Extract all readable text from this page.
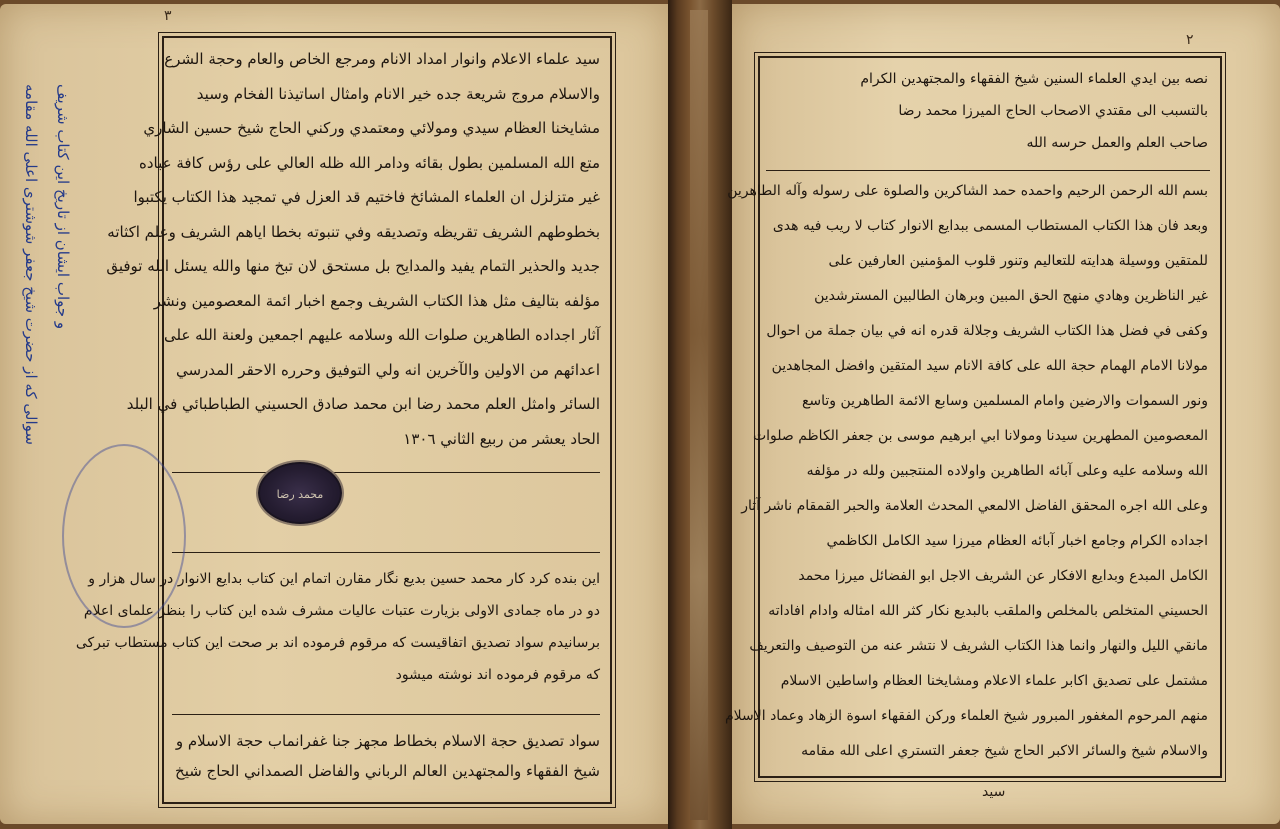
٣
سيد علماء الاعلام وانوار امداد الانام ومرجع الخاص والعام وحجة الشرع
والاسلام مروج شريعة جده خير الانام وامثال اساتيذنا الفخام وسيد
مشايخنا العظام سيدي ومولائي ومعتمدي وركني الحاج شيخ حسين الشاري
متع الله المسلمين بطول بقائه ودامر الله ظله العالي على رؤس كافة عباده
غير متزلزل ان العلماء المشائخ فاختيم قد العزل في تمجيد هذا الكتاب يكتبوا
بخطوطهم الشريف تقريظه وتصديقه وفي تنبوته بخطا اياهم الشريف وعلم اكثاته
جديد والحذير التمام يفيد والمدايح بل مستحق لان تبخ منها والله يسئل الله توفيق
مؤلفه بتاليف مثل هذا الكتاب الشريف وجمع اخبار ائمة المعصومين ونشر
آثار اجداده الطاهرين صلوات الله وسلامه عليهم اجمعين ولعنة الله على
اعدائهم من الاولين والآخرين انه ولي التوفيق وحرره الاحقر المدرسي
السائر وامثل العلم محمد رضا ابن محمد صادق الحسيني الطباطبائي في البلد
الحاد يعشر من ربيع الثاني ١٣٠٦
محمد رضا
این بنده کرد کار محمد حسین بدیع نگار مقارن اتمام این کتاب بدایع الانوار در سال هزار و
دو در ماه جمادی الاولی بزیارت عتبات عالیات مشرف شده این کتاب را بنظر علمای اعلام
برسانیدم سواد تصدیق اتفاقیست که مرقوم فرموده اند بر صحت این کتاب مستطاب تبرکی
که مرقوم فرموده اند نوشته میشود
سواد تصديق حجة الاسلام بخطاط مجهز جنا غفرانماب حجة الاسلام و
شيخ الفقهاء والمجتهدين العالم الرباني والفاضل الصمداني الحاج شيخ
سوالی که از حضرت شیخ جعفر شوشتری اعلی الله مقامه و جواب ایشان از تاریخ این کتاب شریف
٢
نصه بين ايدي العلماء السنين شيخ الفقهاء والمجتهدين الكرام
بالتسبب الى مقتدي الاصحاب الحاج الميرزا محمد رضا
صاحب العلم والعمل حرسه الله
بسم الله الرحمن الرحيم واحمده حمد الشاكرين والصلوة على رسوله وآله الطاهرين
وبعد فان هذا الكتاب المستطاب المسمى ببدايع الانوار كتاب لا ريب فيه هدى
للمتقين ووسيلة هدايته للتعاليم وتنور قلوب المؤمنين العارفين على
غير الناظرين وهادي منهج الحق المبين وبرهان الطالبين المسترشدين
وكفى في فضل هذا الكتاب الشريف وجلالة قدره انه في بيان جملة من احوال
مولانا الامام الهمام حجة الله على كافة الانام سيد المتقين وافضل المجاهدين
ونور السموات والارضين وامام المسلمين وسابع الائمة الطاهرين وتاسع
المعصومين المطهرين سيدنا ومولانا ابي ابرهيم موسى بن جعفر الكاظم صلوات
الله وسلامه عليه وعلى آبائه الطاهرين واولاده المنتجبين ولله در مؤلفه
وعلى الله اجره المحقق الفاضل الالمعي المحدث العلامة والحبر القمقام ناشر آثار
اجداده الكرام وجامع اخبار آبائه العظام ميرزا سيد الكامل الكاظمي
الكامل المبدع وبدايع الافكار عن الشريف الاجل ابو الفضائل ميرزا محمد
الحسيني المتخلص بالمخلص والملقب بالبديع نكار كثر الله امثاله وادام افاداته
مانقي الليل والنهار وانما هذا الكتاب الشريف لا نتشر عنه من التوصيف والتعريف
مشتمل على تصديق اكابر علماء الاعلام ومشايخنا العظام واساطين الاسلام
منهم المرحوم المغفور المبرور شيخ العلماء وركن الفقهاء اسوة الزهاد وعماد الاسلام
والاسلام شيخ والسائر الاكبر الحاج شيخ جعفر التستري اعلى الله مقامه
سيد
